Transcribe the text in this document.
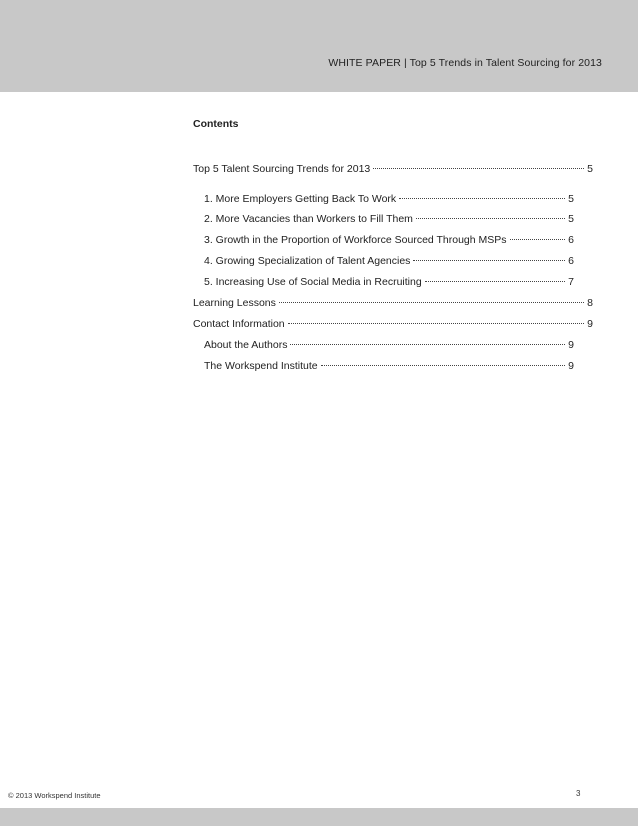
WHITE PAPER | Top 5 Trends in Talent Sourcing for 2013
Contents
Top 5 Talent Sourcing Trends for 2013	5
1. More Employers Getting Back To Work	5
2. More Vacancies than Workers to Fill Them	5
3. Growth in the Proportion of Workforce Sourced Through MSPs	6
4. Growing Specialization of Talent Agencies	6
5. Increasing Use of Social Media in Recruiting	7
Learning Lessons	8
Contact Information	9
About the Authors	9
The Workspend Institute	9
© 2013 Workspend Institute	3
